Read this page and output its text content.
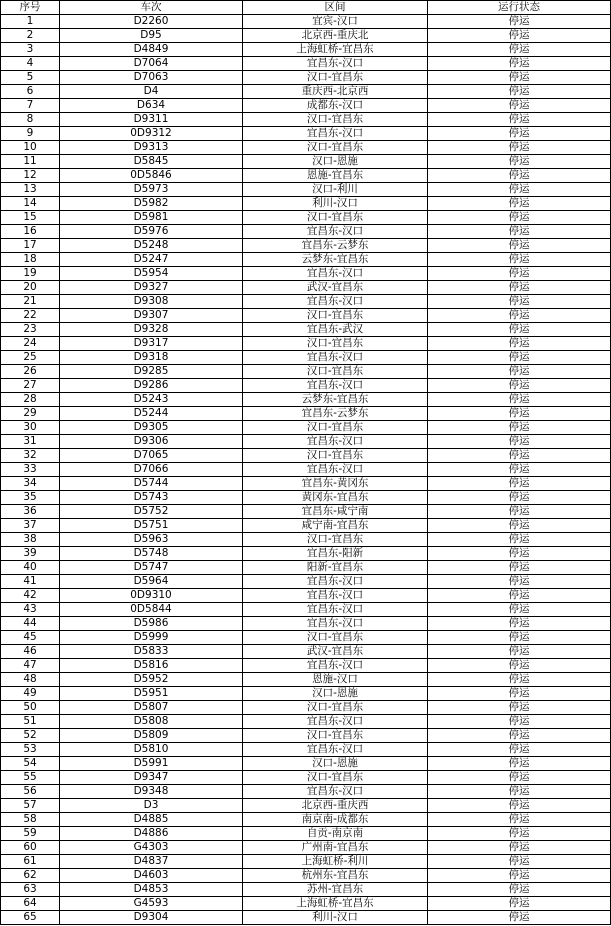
序号	车次	区间	运行状态
1	D2260	宜宾-汉口	停运
2	D95	北京西-重庆北	停运
3	D4849	上海虹桥-宜昌东	停运
4	D7064	宜昌东-汉口	停运
5	D7063	汉口-宜昌东	停运
6	D4	重庆西-北京西	停运
7	D634	成都东-汉口	停运
8	D9311	汉口-宜昌东	停运
9	0D9312	宜昌东-汉口	停运
10	D9313	汉口-宜昌东	停运
11	D5845	汉口-恩施	停运
12	0D5846	恩施-宜昌东	停运
13	D5973	汉口-利川	停运
14	D5982	利川-汉口	停运
15	D5981	汉口-宜昌东	停运
16	D5976	宜昌东-汉口	停运
17	D5248	宜昌东-云梦东	停运
18	D5247	云梦东-宜昌东	停运
19	D5954	宜昌东-汉口	停运
20	D9327	武汉-宜昌东	停运
21	D9308	宜昌东-汉口	停运
22	D9307	汉口-宜昌东	停运
23	D9328	宜昌东-武汉	停运
24	D9317	汉口-宜昌东	停运
25	D9318	宜昌东-汉口	停运
26	D9285	汉口-宜昌东	停运
27	D9286	宜昌东-汉口	停运
28	D5243	云梦东-宜昌东	停运
29	D5244	宜昌东-云梦东	停运
30	D9305	汉口-宜昌东	停运
31	D9306	宜昌东-汉口	停运
32	D7065	汉口-宜昌东	停运
33	D7066	宜昌东-汉口	停运
34	D5744	宜昌东-黄冈东	停运
35	D5743	黄冈东-宜昌东	停运
36	D5752	宜昌东-咸宁南	停运
37	D5751	咸宁南-宜昌东	停运
38	D5963	汉口-宜昌东	停运
39	D5748	宜昌东-阳新	停运
40	D5747	阳新-宜昌东	停运
41	D5964	宜昌东-汉口	停运
42	0D9310	宜昌东-汉口	停运
43	0D5844	宜昌东-汉口	停运
44	D5986	宜昌东-汉口	停运
45	D5999	汉口-宜昌东	停运
46	D5833	武汉-宜昌东	停运
47	D5816	宜昌东-汉口	停运
48	D5952	恩施-汉口	停运
49	D5951	汉口-恩施	停运
50	D5807	汉口-宜昌东	停运
51	D5808	宜昌东-汉口	停运
52	D5809	汉口-宜昌东	停运
53	D5810	宜昌东-汉口	停运
54	D5991	汉口-恩施	停运
55	D9347	汉口-宜昌东	停运
56	D9348	宜昌东-汉口	停运
57	D3	北京西-重庆西	停运
58	D4885	南京南-成都东	停运
59	D4886	自贡-南京南	停运
60	G4303	广州南-宜昌东	停运
61	D4837	上海虹桥-利川	停运
62	D4603	杭州东-宜昌东	停运
63	D4853	苏州-宜昌东	停运
64	G4593	上海虹桥-宜昌东	停运
65	D9304	利川-汉口	停运
